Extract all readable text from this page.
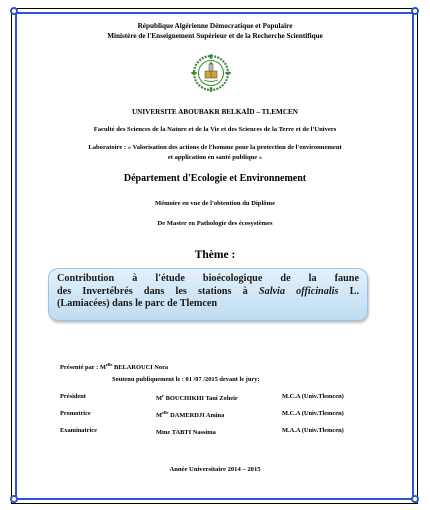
République Algérienne Démocratique et Populaire
Ministère de l'Enseignement Supérieur et de la Recherche Scientifique
UNIVERSITE ABOUBAKR BELKAÏD – TLEMCEN
Faculté des Sciences de la Nature et de la Vie et des Sciences de la Terre et de l'Univers
Laboratoire : « Valorisation des actions de l'homme pour la protection de l'environnement
et application en santé publique »
Département d'Ecologie et Environnement
Mémoire en vue de l'obtention du Diplôme
De Master en Pathologie des écosystèmes
Thème :
Contribution à l'étude bioécologique de la faune
des Invertébrés dans les stations à Salvia officinalis L.
(Lamiacées) dans le parc de Tlemcen
Présenté par : $M^{elle}$ BELAROUCI Nora
Soutenu publiquement le : 01 /07 /2015 devant le jury:
Président	$M^r$ BOUCHIKHI Tani Zoheir	M.C.A (Univ.Tlemcen)
Promotrice	$M^{elle}$ DAMERDJI Amina	M.C.A (Univ.Tlemcen)
Examinatrice	Mme TABTI Nassima	M.A.A (Univ.Tlemcen)
Année Universitaire 2014 – 2015
